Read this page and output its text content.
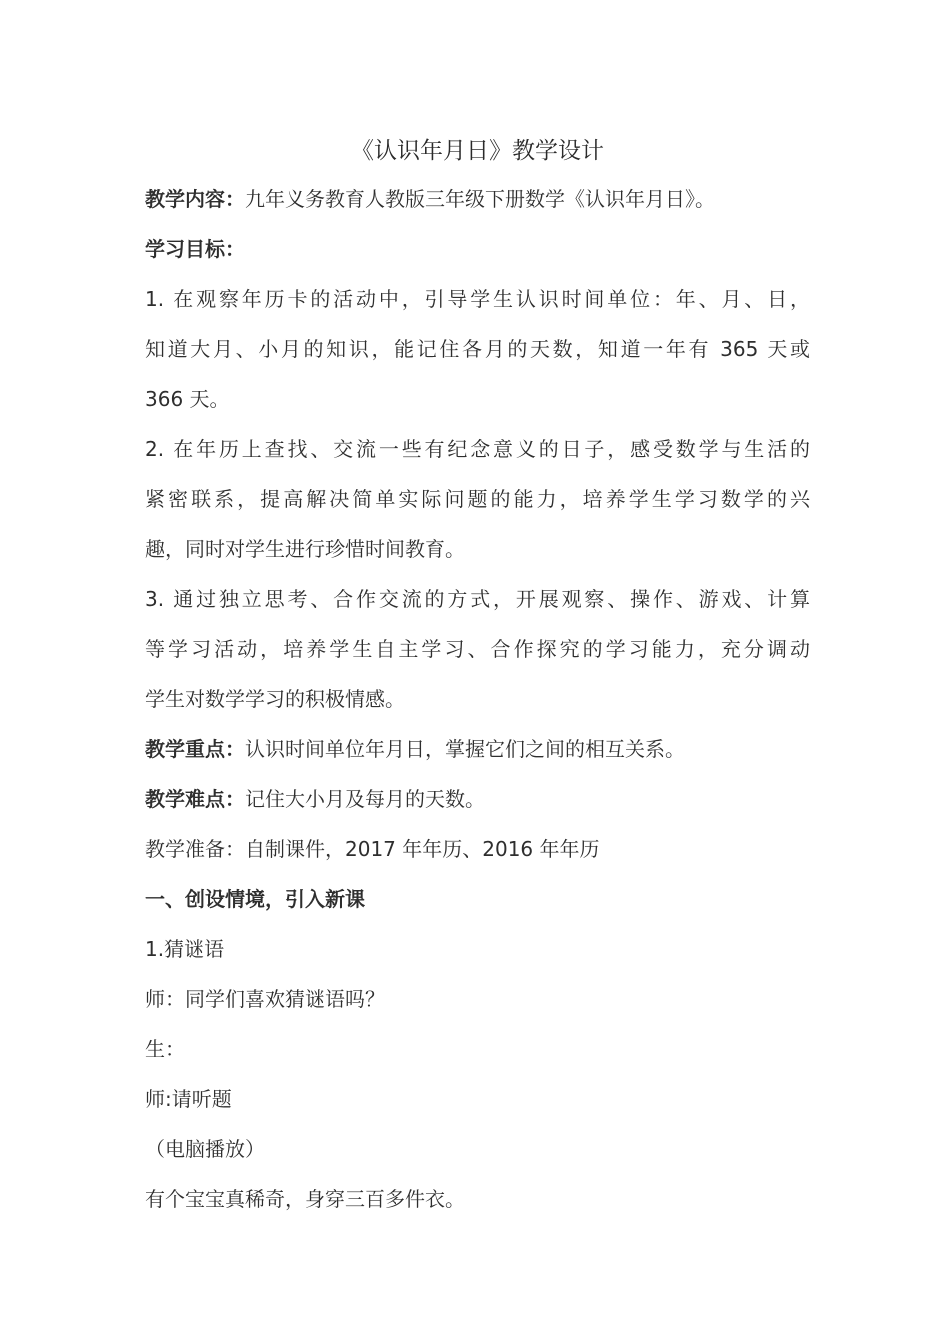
《认识年月日》教学设计

教学内容：九年义务教育人教版三年级下册数学《认识年月日》。

学习目标：

1. 在观察年历卡的活动中，引导学生认识时间单位：年、月、日，

知道大月、小月的知识，能记住各月的天数，知道一年有 365 天或

366 天。

2. 在年历上查找、交流一些有纪念意义的日子，感受数学与生活的

紧密联系，提高解决简单实际问题的能力，培养学生学习数学的兴

趣，同时对学生进行珍惜时间教育。

3. 通过独立思考、合作交流的方式，开展观察、操作、游戏、计算

等学习活动，培养学生自主学习、合作探究的学习能力，充分调动

学生对数学学习的积极情感。

教学重点：认识时间单位年月日，掌握它们之间的相互关系。

教学难点：记住大小月及每月的天数。

教学准备：自制课件，2017 年年历、2016 年年历

一、创设情境，引入新课

1.猜谜语

师：同学们喜欢猜谜语吗？

生：

师:请听题

（电脑播放）

有个宝宝真稀奇，身穿三百多件衣。
